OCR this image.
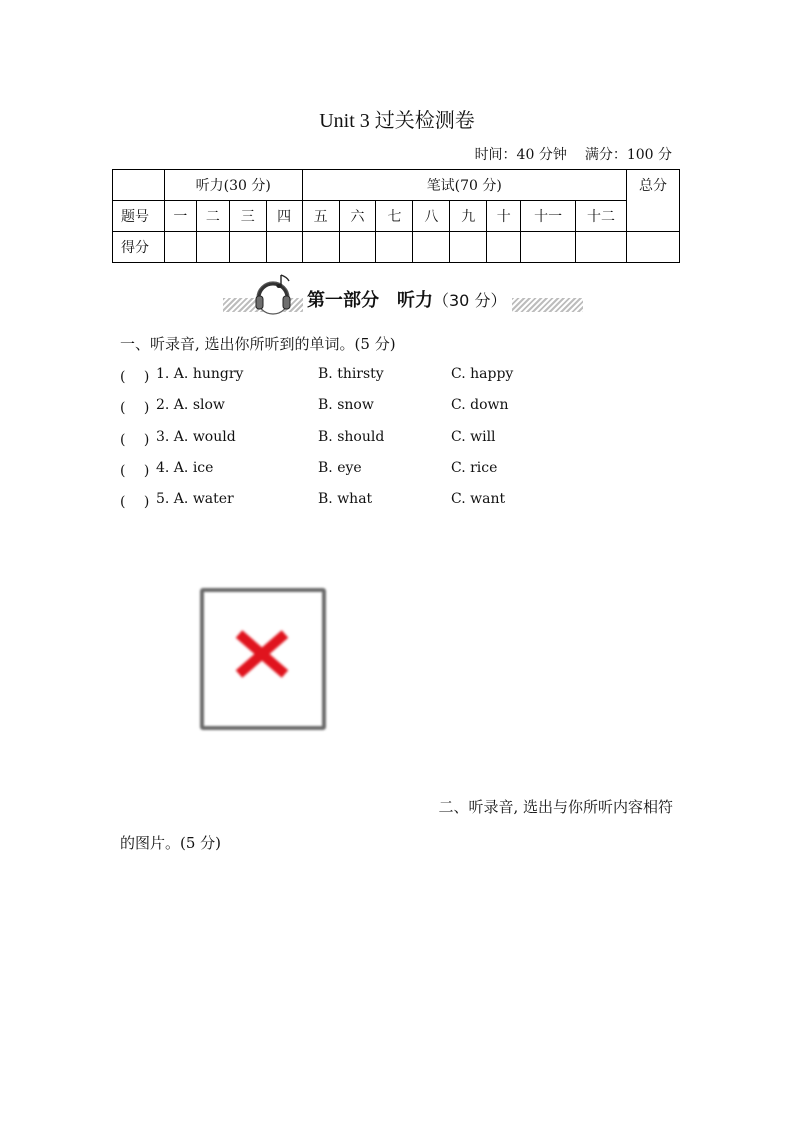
Unit 3 过关检测卷
时间：40 分钟 满分：100 分
	听力(30 分)				笔试(70 分)								总分
题号	一	二	三	四	五	六	七	八	九	十	十一	十二	
得分													
第一部分　 听力（30 分）
一、听录音, 选出你所听到的单词。(5 分)
(　 ) 1. A. hungry	B. thirsty	C. happy
(　 ) 2. A. slow	B. snow	C. down
(　 ) 3. A. would	B. should	C. will
(　 ) 4. A. ice	B. eye	C. rice
(　 ) 5. A. water	B. what	C. want
二、听录音, 选出与你所听内容相符
的图片。(5 分)
